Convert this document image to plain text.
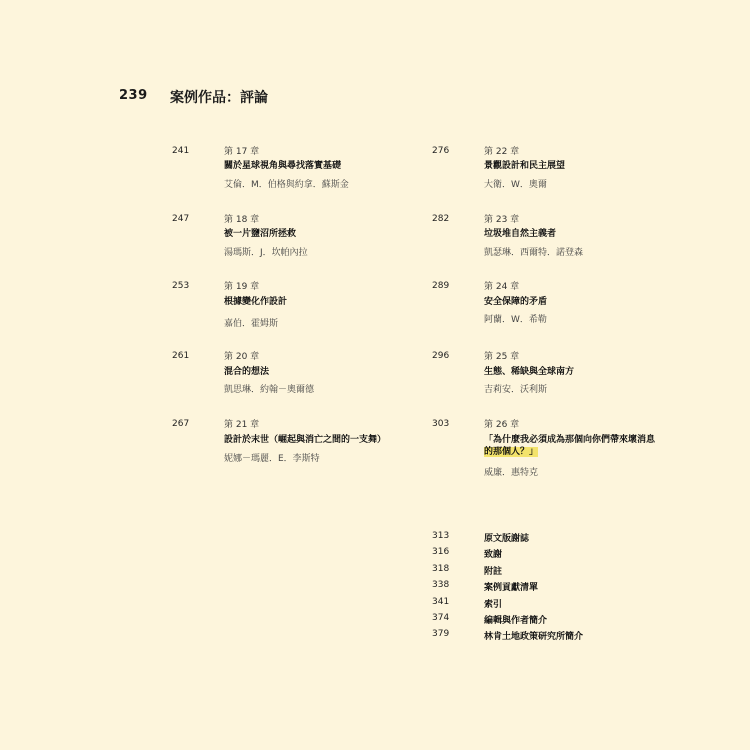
239 案例作品：評論
241	第 17 章
關於星球視角與尋找落實基礎
艾倫．M．伯格與約拿．蘇斯金
247	第 18 章
被一片鹽沼所拯救
湯瑪斯．J．坎帕內拉
253	第 19 章
根據變化作設計
嘉伯．霍姆斯
261	第 20 章
混合的想法
凱思琳．約翰－奧爾德
267	第 21 章
設計於末世（崛起與消亡之間的一支舞）
妮娜－瑪麗．E．李斯特
276	第 22 章
景觀設計和民主展望
大衛．W．奧爾
282	第 23 章
垃圾堆自然主義者
凱瑟琳．西爾特．諾登森
289	第 24 章
安全保障的矛盾
阿蘭．W．希勒
296	第 25 章
生態、稀缺與全球南方
吉莉安．沃利斯
303	第 26 章
「為什麼我必須成為那個向你們帶來壞消息
的那個人？」
威廉．惠特克
313	原文版謝誌
316	致謝
318	附註
338	案例貢獻清單
341	索引
374	編輯與作者簡介
379	林肯土地政策研究所簡介
